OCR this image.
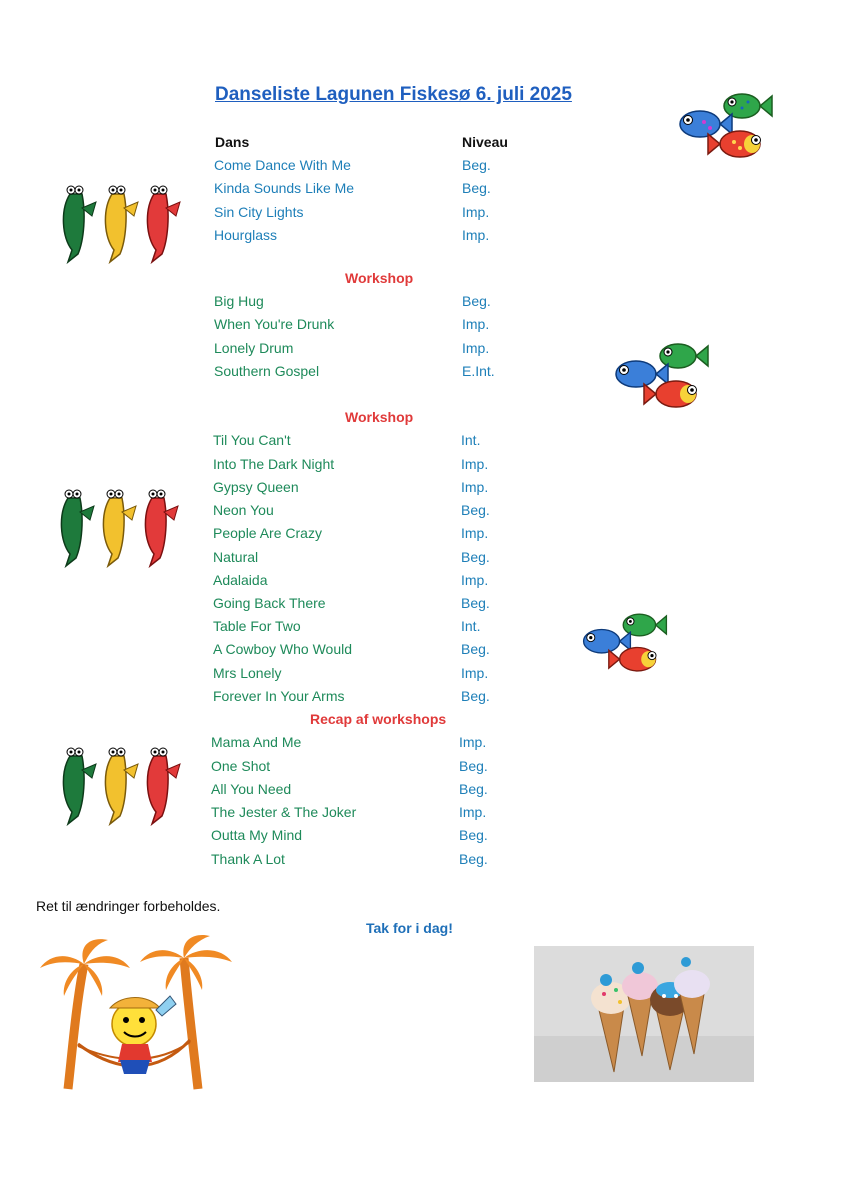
Danseliste Lagunen Fiskesø 6. juli 2025
Dans	Niveau
Come Dance With Me	Beg.
Kinda Sounds Like Me	Beg.
Sin City Lights	Imp.
Hourglass	Imp.
Workshop
Big Hug	Beg.
When You're Drunk	Imp.
Lonely Drum	Imp.
Southern Gospel	E.Int.
Workshop
Til You Can't	Int.
Into The Dark Night	Imp.
Gypsy Queen	Imp.
Neon You	Beg.
People Are Crazy	Imp.
Natural	Beg.
Adalaida	Imp.
Going Back There	Beg.
Table For Two	Int.
A Cowboy Who Would	Beg.
Mrs Lonely	Imp.
Forever In Your Arms	Beg.
Recap af workshops
Mama And Me	Imp.
One Shot	Beg.
All You Need	Beg.
The Jester & The Joker	Imp.
Outta My Mind	Beg.
Thank A Lot	Beg.
Ret til ændringer forbeholdes.
Tak for i dag!
